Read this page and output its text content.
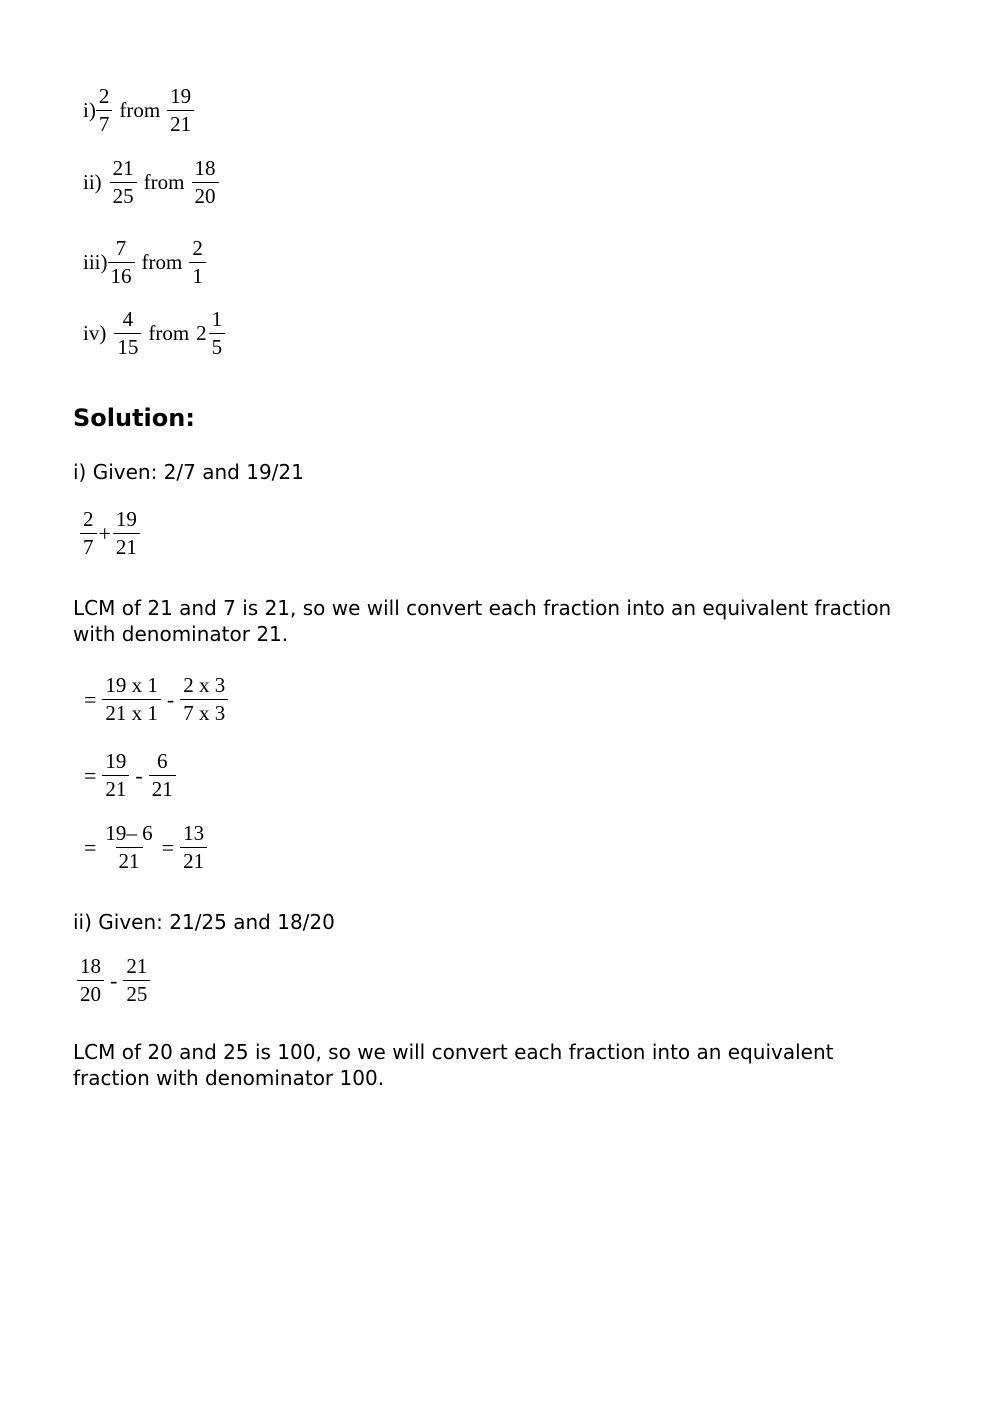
$i) \frac{2}{7}$ from $\frac{19}{21}$
$ii) \frac{21}{25}$ from $\frac{18}{20}$
$iii) \frac{7}{16}$ from $\frac{2}{1}$
$iv) \frac{4}{15}$ from $2 \frac{1}{5}$
Solution:
i) Given: 2/7 and 19/21
$\frac{2}{7} + \frac{19}{21}$
LCM of 21 and 7 is 21, so we will convert each fraction into an equivalent fraction with denominator 21.
= $\frac{19 x 1}{21 x 1} - \frac{2 x 3}{7 x 3}$
= $\frac{19}{21} - \frac{6}{21}$
= $\frac{19- 6}{21} = \frac{13}{21}$
ii) Given: 21/25 and 18/20
$\frac{18}{20} - \frac{21}{25}$
LCM of 20 and 25 is 100, so we will convert each fraction into an equivalent fraction with denominator 100.
